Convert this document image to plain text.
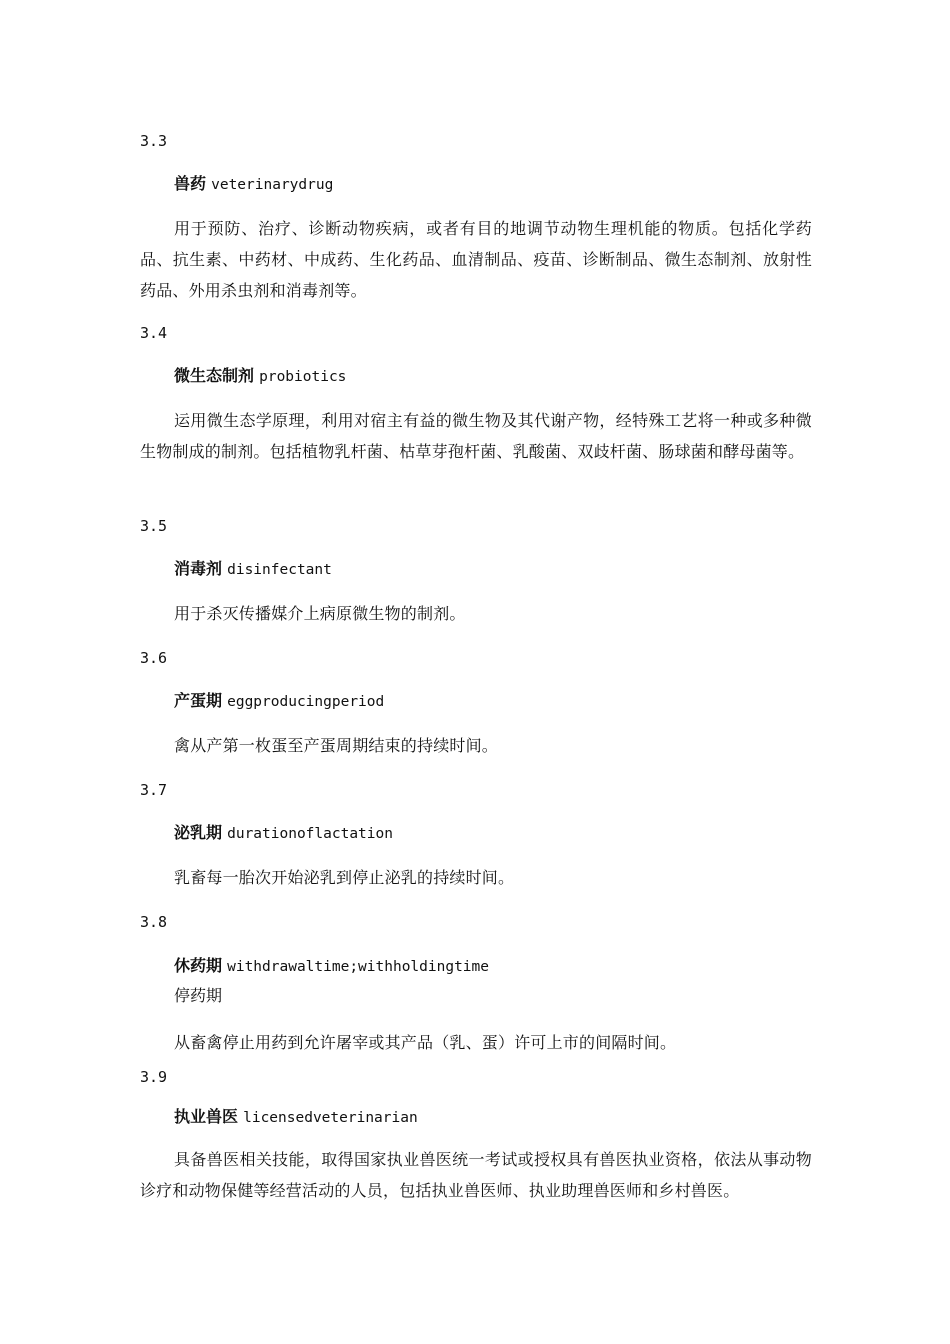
3.3
兽药 veterinarydrug
用于预防、治疗、诊断动物疾病，或者有目的地调节动物生理机能的物质。包括化学药品、抗生素、中药材、中成药、生化药品、血清制品、疫苗、诊断制品、微生态制剂、放射性药品、外用杀虫剂和消毒剂等。
3.4
微生态制剂 probiotics
运用微生态学原理，利用对宿主有益的微生物及其代谢产物，经特殊工艺将一种或多种微生物制成的制剂。包括植物乳杆菌、枯草芽孢杆菌、乳酸菌、双歧杆菌、肠球菌和酵母菌等。
3.5
消毒剂 disinfectant
用于杀灭传播媒介上病原微生物的制剂。
3.6
产蛋期 eggproducingperiod
禽从产第一枚蛋至产蛋周期结束的持续时间。
3.7
泌乳期 durationoflactation
乳畜每一胎次开始泌乳到停止泌乳的持续时间。
3.8
休药期 withdrawaltime;withholdingtime
停药期
从畜禽停止用药到允许屠宰或其产品（乳、蛋）许可上市的间隔时间。
3.9
执业兽医 licensedveterinarian
具备兽医相关技能，取得国家执业兽医统一考试或授权具有兽医执业资格，依法从事动物诊疗和动物保健等经营活动的人员，包括执业兽医师、执业助理兽医师和乡村兽医。
